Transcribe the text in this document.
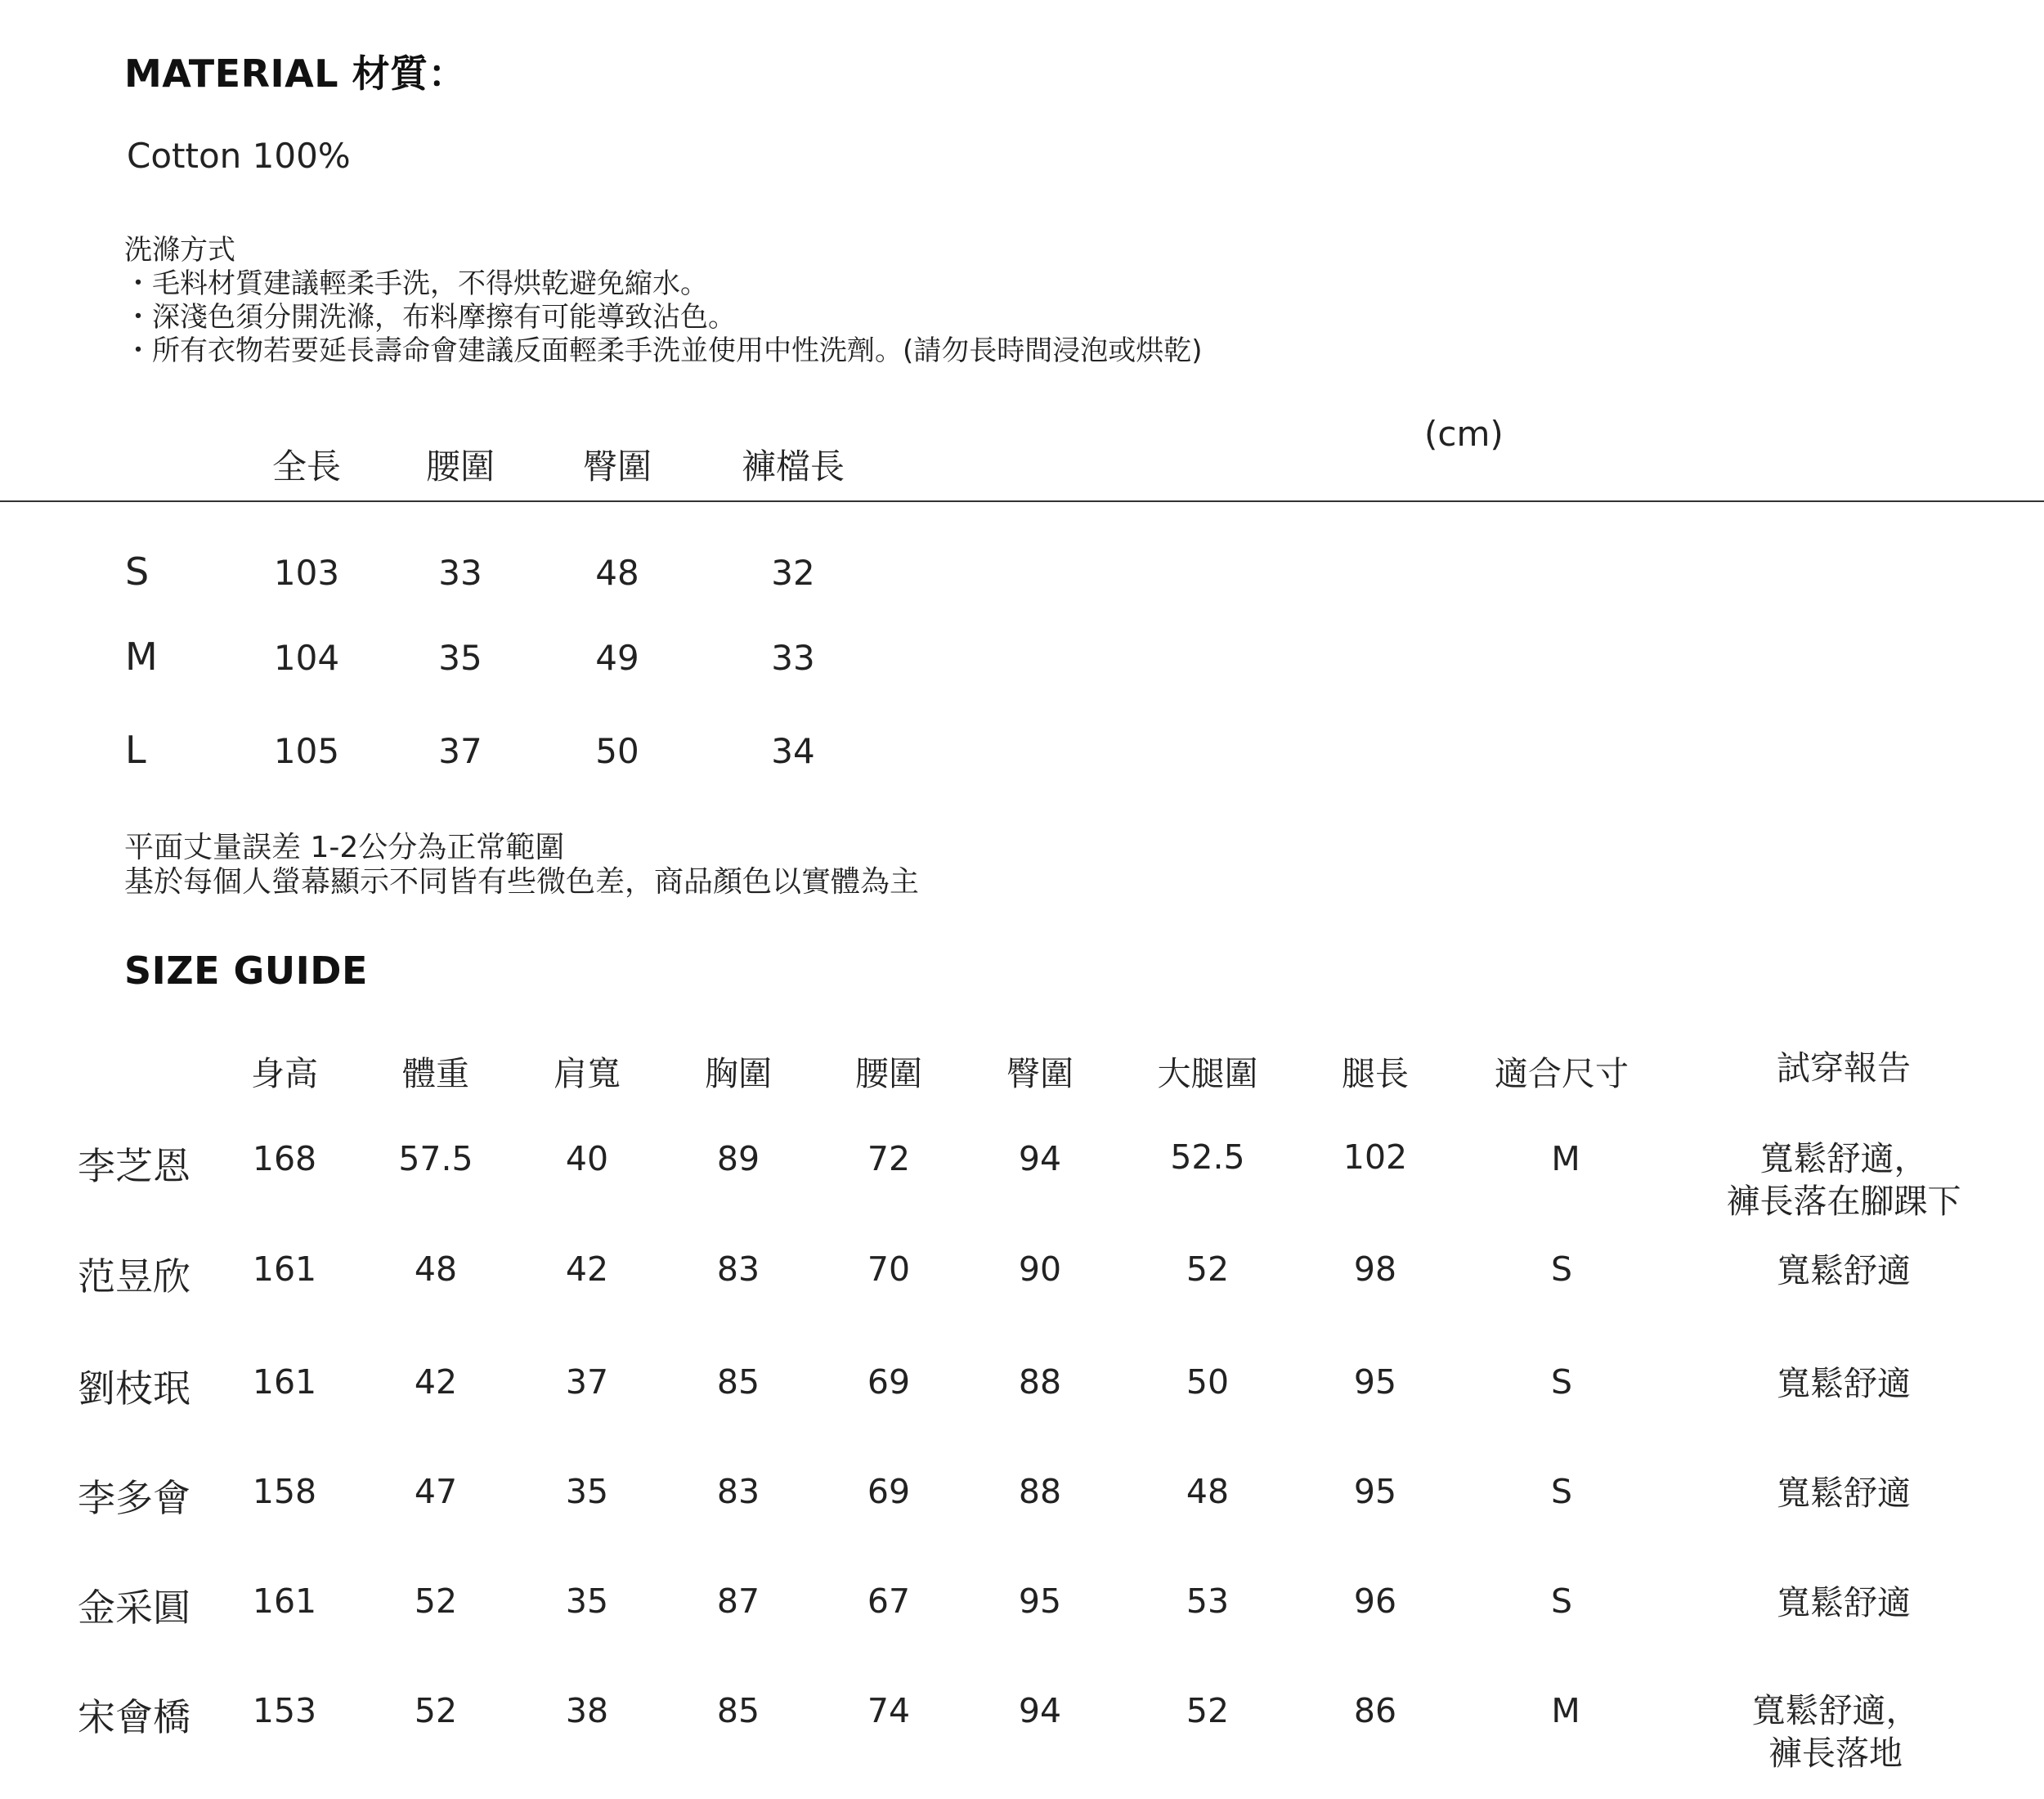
MATERIAL 材質：
Cotton 100%
洗滌方式
・毛料材質建議輕柔手洗，不得烘乾避免縮水。
・深淺色須分開洗滌，布料摩擦有可能導致沾色。
・所有衣物若要延長壽命會建議反面輕柔手洗並使用中性洗劑。(請勿長時間浸泡或烘乾)
(cm)
全長	腰圍	臀圍	褲檔長
S	103	33	48	32
M	104	35	49	33
L	105	37	50	34
平面丈量誤差 1-2公分為正常範圍
基於每個人螢幕顯示不同皆有些微色差，商品顏色以實體為主
SIZE GUIDE
身高	體重	肩寬	胸圍	腰圍	臀圍	大腿圍	腿長	適合尺寸	試穿報告
李芝恩	168	57.5	40	89	72	94	52.5	102	M	寬鬆舒適，
褲長落在腳踝下
范昱欣	161	48	42	83	70	90	52	98	S	寬鬆舒適
劉枝珉	161	42	37	85	69	88	50	95	S	寬鬆舒適
李多會	158	47	35	83	69	88	48	95	S	寬鬆舒適
金采圓	161	52	35	87	67	95	53	96	S	寬鬆舒適
宋會橋	153	52	38	85	74	94	52	86	M	寬鬆舒適，
褲長落地
